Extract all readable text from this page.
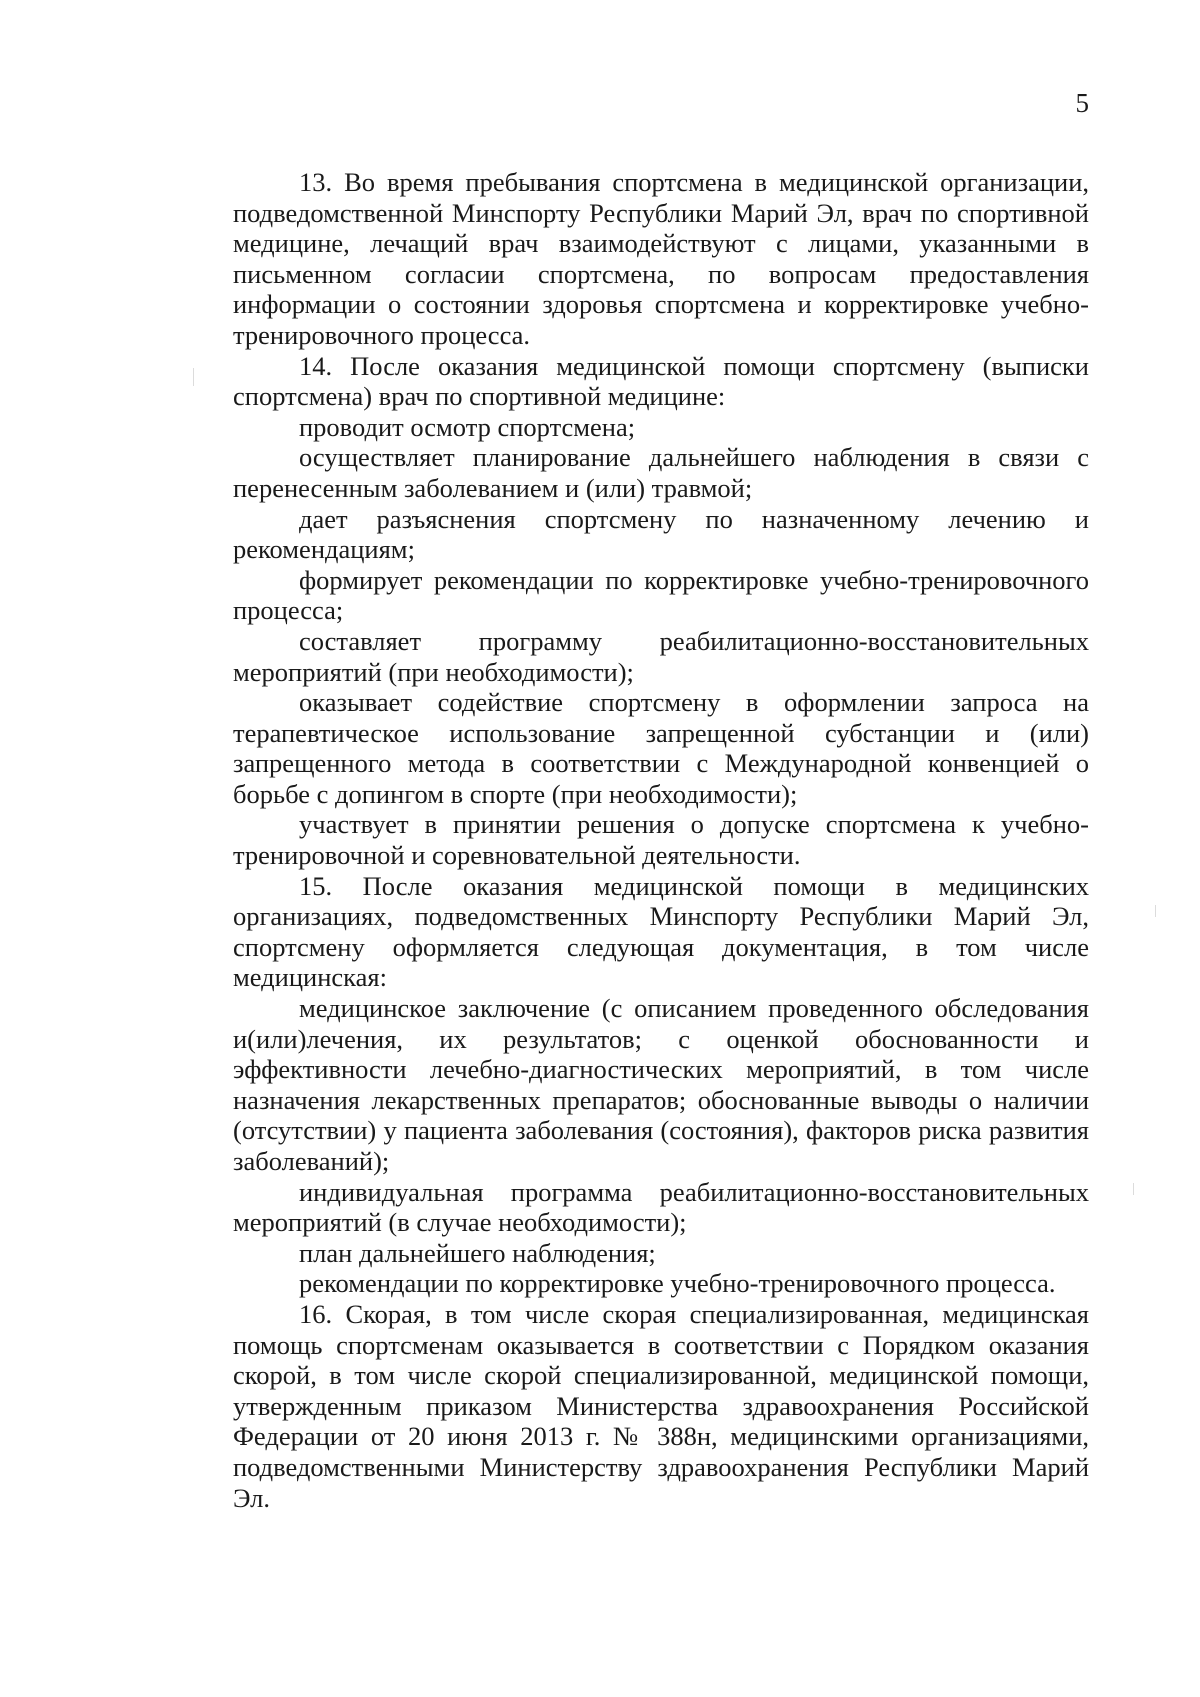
5

13. Во время пребывания спортсмена в медицинской организации, подведомственной Минспорту Республики Марий Эл, врач по спортивной медицине, лечащий врач взаимодействуют с лицами, указанными в письменном согласии спортсмена, по вопросам предоставления информации о состоянии здоровья спортсмена и корректировке учебно-тренировочного процесса.

14. После оказания медицинской помощи спортсмену (выписки спортсмена) врач по спортивной медицине:

проводит осмотр спортсмена;

осуществляет планирование дальнейшего наблюдения в связи с перенесенным заболеванием и (или) травмой;

дает разъяснения спортсмену по назначенному лечению и рекомендациям;

формирует рекомендации по корректировке учебно-тренировочного процесса;

составляет программу реабилитационно-восстановительных мероприятий (при необходимости);

оказывает содействие спортсмену в оформлении запроса на терапевтическое использование запрещенной субстанции и (или) запрещенного метода в соответствии с Международной конвенцией о борьбе с допингом в спорте (при необходимости);

участвует в принятии решения о допуске спортсмена к учебно-тренировочной и соревновательной деятельности.

15. После оказания медицинской помощи в медицинских организациях, подведомственных Минспорту Республики Марий Эл, спортсмену оформляется следующая документация, в том числе медицинская:

медицинское заключение (с описанием проведенного обследования и(или)лечения, их результатов; с оценкой обоснованности и эффективности лечебно-диагностических мероприятий, в том числе назначения лекарственных препаратов; обоснованные выводы о наличии (отсутствии) у пациента заболевания (состояния), факторов риска развития заболеваний);

индивидуальная программа реабилитационно-восстановительных мероприятий (в случае необходимости);

план дальнейшего наблюдения;

рекомендации по корректировке учебно-тренировочного процесса.

16. Скорая, в том числе скорая специализированная, медицинская помощь спортсменам оказывается в соответствии с Порядком оказания скорой, в том числе скорой специализированной, медицинской помощи, утвержденным приказом Министерства здравоохранения Российской Федерации от 20 июня 2013 г. № 388н, медицинскими организациями, подведомственными Министерству здравоохранения Республики Марий Эл.
